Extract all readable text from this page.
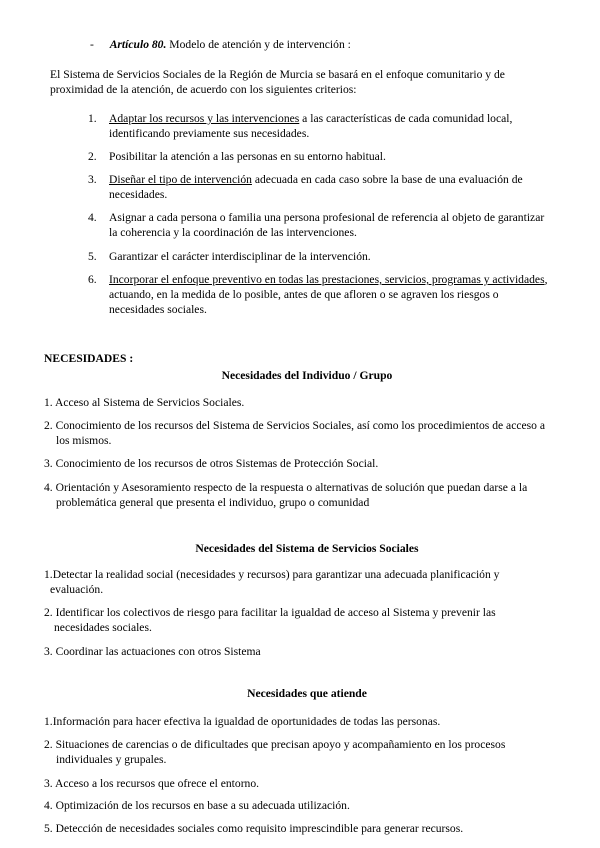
- Artículo 80. Modelo de atención y de intervención :
El Sistema de Servicios Sociales de la Región de Murcia se basará en el enfoque comunitario y de
proximidad de la atención, de acuerdo con los siguientes criterios:
1. Adaptar los recursos y las intervenciones a las características de cada comunidad local,
identificando previamente sus necesidades.
2. Posibilitar la atención a las personas en su entorno habitual.
3. Diseñar el tipo de intervención adecuada en cada caso sobre la base de una evaluación de
necesidades.
4. Asignar a cada persona o familia una persona profesional de referencia al objeto de garantizar
la coherencia y la coordinación de las intervenciones.
5. Garantizar el carácter interdisciplinar de la intervención.
6. Incorporar el enfoque preventivo en todas las prestaciones, servicios, programas y actividades,
actuando, en la medida de lo posible, antes de que afloren o se agraven los riesgos o
necesidades sociales.
NECESIDADES :
Necesidades del Individuo / Grupo
1. Acceso al Sistema de Servicios Sociales.
2. Conocimiento de los recursos del Sistema de Servicios Sociales, así como los procedimientos de acceso a
los mismos.
3. Conocimiento de los recursos de otros Sistemas de Protección Social.
4. Orientación y Asesoramiento respecto de la respuesta o alternativas de solución que puedan darse a la
problemática general que presenta el individuo, grupo o comunidad
Necesidades del Sistema de Servicios Sociales
1.Detectar la realidad social (necesidades y recursos) para garantizar una adecuada planificación y
evaluación.
2. Identificar los colectivos de riesgo para facilitar la igualdad de acceso al Sistema y prevenir las
necesidades sociales.
3. Coordinar las actuaciones con otros Sistema
Necesidades que atiende
1.Información para hacer efectiva la igualdad de oportunidades de todas las personas.
2. Situaciones de carencias o de dificultades que precisan apoyo y acompañamiento en los procesos
individuales y grupales.
3. Acceso a los recursos que ofrece el entorno.
4. Optimización de los recursos en base a su adecuada utilización.
5. Detección de necesidades sociales como requisito imprescindible para generar recursos.
